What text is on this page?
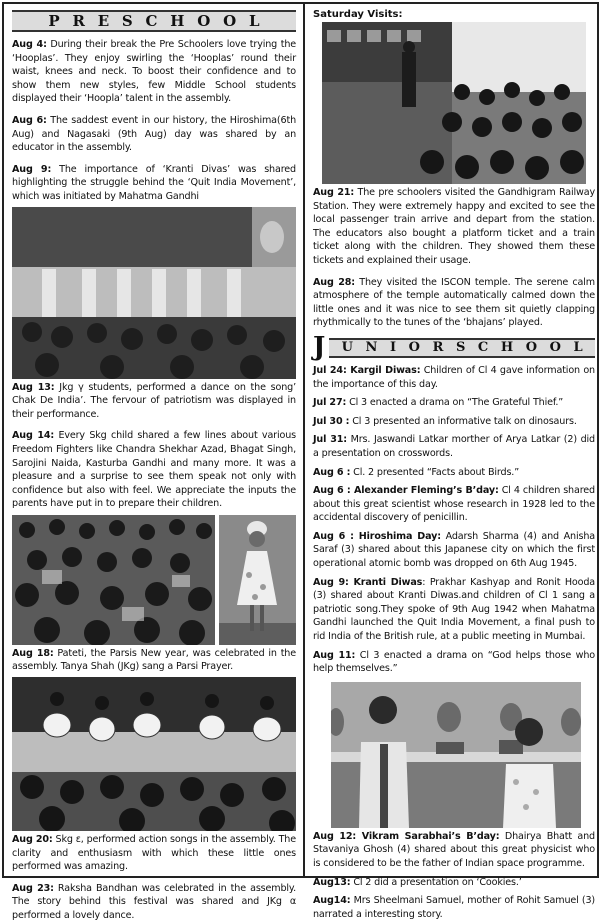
P R E S C H O O L

Aug 4: During their break the Pre Schoolers love trying the ‘Hooplas’. They enjoy swirling the ‘Hooplas’ round their waist, knees and neck. To boost their confidence and to show them new styles, few Middle School students displayed their ‘Hoopla’ talent in the assembly.

Aug 6: The saddest event in our history, the Hiroshima(6th Aug) and Nagasaki (9th Aug) day was shared by an educator in the assembly.

Aug 9: The importance of ‘Kranti Divas’ was shared highlighting the struggle behind the ‘Quit India Movement’, which was initiated by Mahatma Gandhi

Aug 13: Jkg γ students, performed a dance on the song’ Chak De India’. The fervour of patriotism was displayed in their performance.

Aug 14: Every Skg child shared a few lines about various Freedom Fighters like Chandra Shekhar Azad, Bhagat Singh, Sarojini Naida, Kasturba Gandhi and many more. It was a pleasure and a surprise to see them speak not only with confidence but also with feel. We appreciate the inputs the parents have put in to prepare their children.

Aug 18: Pateti, the Parsis New year, was celebrated in the assembly. Tanya Shah (JKg) sang a Parsi Prayer.

Aug 20: Skg ε, performed action songs in the assembly. The clarity and enthusiasm with which these little ones performed was amazing.

Aug 23: Raksha Bandhan was celebrated in the assembly. The story behind this festival was shared and JKg α performed a lovely dance.

Saturday Visits:

Aug 21: The pre schoolers visited the Gandhigram Railway Station. They were extremely happy and excited to see the local passenger train arrive and depart from the station. The educators also bought a platform ticket and a train ticket along with the children. They showed them these tickets and explained their usage.

Aug 28: They visited the ISCON temple. The serene calm atmosphere of the temple automatically calmed down the little ones and it was nice to see them sit quietly clapping rhythmically to the tunes of the ‘bhajans’ played.

J U N I O R S C H O O L

Jul 24: Kargil Diwas: Children of Cl 4 gave information on the importance of this day.

Jul 27: Cl 3 enacted a drama on “The Grateful Thief.”

Jul 30 : Cl 3 presented an informative talk on dinosaurs.

Jul 31: Mrs. Jaswandi Latkar morther of Arya Latkar (2) did a presentation on crosswords.

Aug 6 : Cl. 2 presented “Facts about Birds.”

Aug 6 : Alexander Fleming’s B’day: Cl 4 children shared about this great scientist whose research in 1928 led to the accidental discovery of penicillin.

Aug 6 : Hiroshima Day: Adarsh Sharma (4) and Anisha Saraf (3) shared about this Japanese city on which the first operational atomic bomb was dropped on 6th Aug 1945.

Aug 9: Kranti Diwas: Prakhar Kashyap and Ronit Hooda (3) shared about Kranti Diwas.and children of Cl 1 sang a patriotic song.They spoke of 9th Aug 1942 when Mahatma Gandhi launched the Quit India Movement, a final push to rid India of the British rule, at a public meeting in Mumbai.

Aug 11: Cl 3 enacted a drama on “God helps those who help themselves.”

Aug 12: Vikram Sarabhai’s B’day: Dhairya Bhatt and Stavaniya Ghosh (4) shared about this great physicist who is considered to be the father of Indian space programme.

Aug13: Cl 2 did a presentation on ‘Cookies.’

Aug14: Mrs Sheelmani Samuel, mother of Rohit Samuel (3) narrated a interesting story.
